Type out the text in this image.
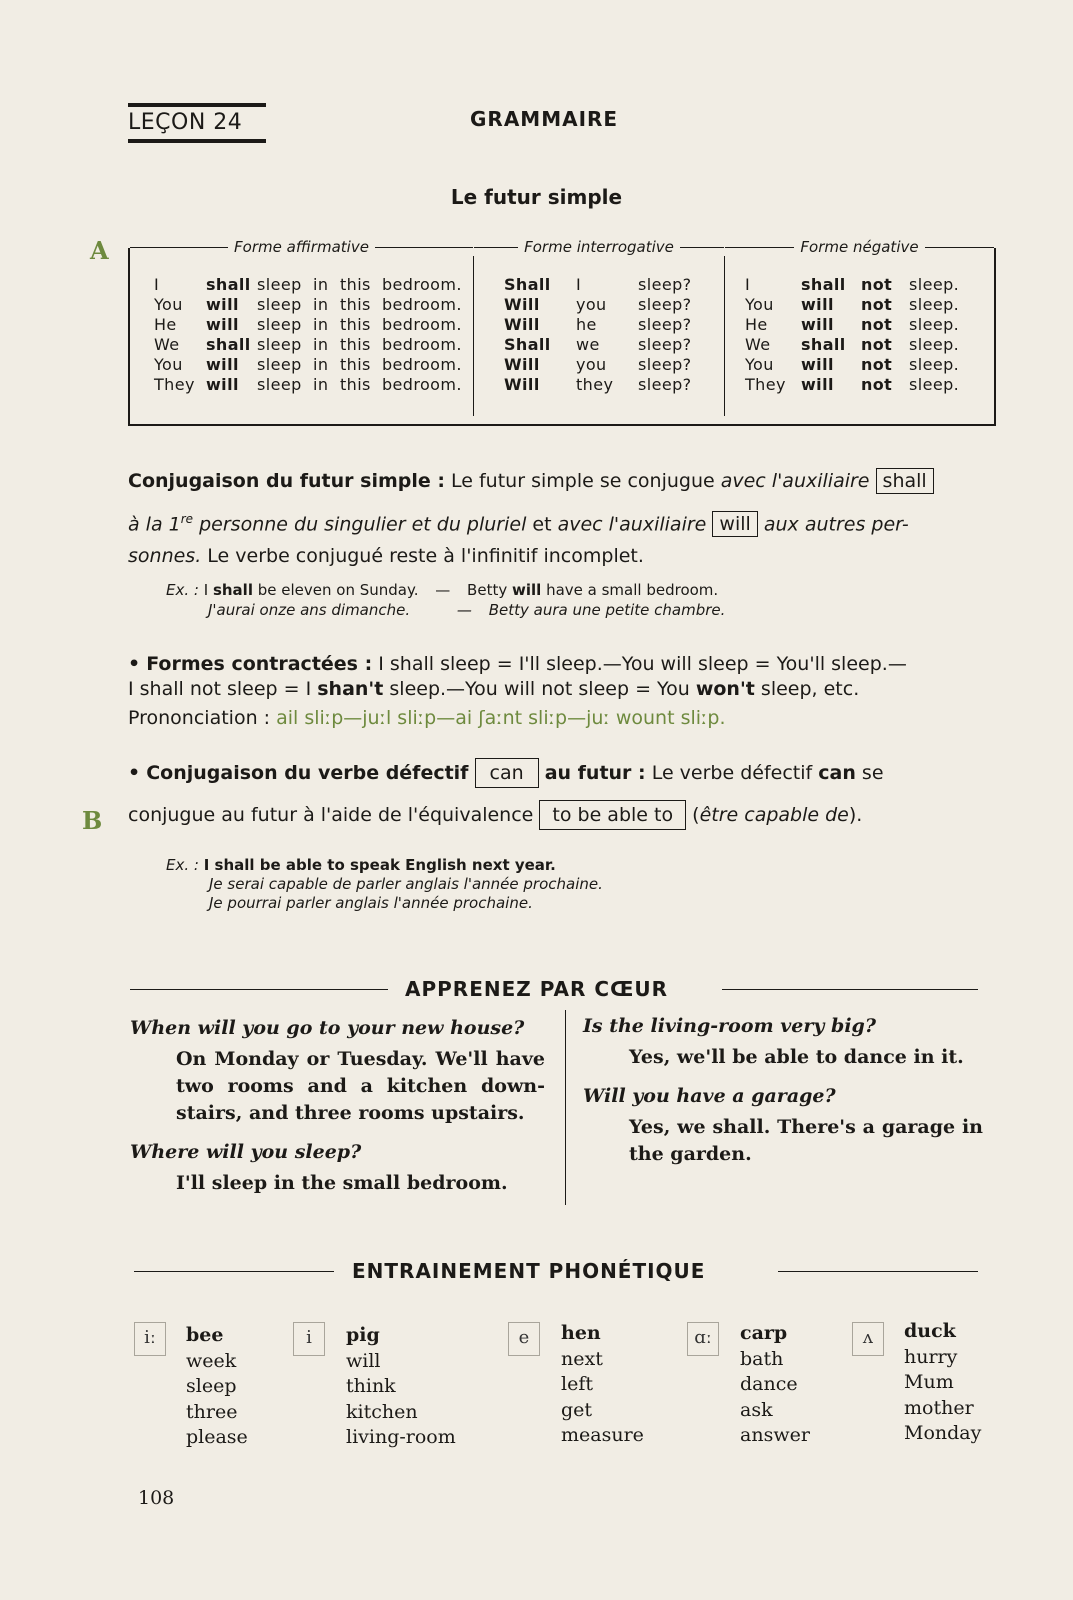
LEÇON 24	GRAMMAIRE
Le futur simple
A
B
Forme affirmative
I	shall sleep in this bedroom.
You will sleep in this bedroom.
He will sleep in this bedroom.
We shall sleep in this bedroom.
You will sleep in this bedroom.
They will sleep in this bedroom.
Forme interrogative
Shall I	sleep?
Will you sleep?
Will he	sleep?
Shall we sleep?
Will you sleep?
Will they sleep?
Forme négative
I	shall not sleep.
You will not sleep.
He will not sleep.
We shall not sleep.
You will not sleep.
They will not sleep.
Conjugaison du futur simple : Le futur simple se conjugue avec l'auxiliaire shall
à la 1re personne du singulier et du pluriel et avec l'auxiliaire will aux autres per-
sonnes. Le verbe conjugué reste à l'infinitif incomplet.
Ex. : I shall be eleven on Sunday. — Betty will have a small bedroom.
J'aurai onze ans dimanche.	— Betty aura une petite chambre.
• Formes contractées : I shall sleep = I'll sleep.—You will sleep = You'll sleep.—
I shall not sleep = I shan't sleep.—You will not sleep = You won't sleep, etc.
Prononciation : ail sliːp—juːl sliːp—ai ʃaːnt sliːp—juː wount sliːp.
• Conjugaison du verbe défectif can au futur : Le verbe défectif can se
conjugue au futur à l'aide de l'équivalence to be able to (être capable de).
Ex. : I shall be able to speak English next year.
Je serai capable de parler anglais l'année prochaine.
Je pourrai parler anglais l'année prochaine.
APPRENEZ PAR CŒUR
When will you go to your new house?
On Monday or Tuesday. We'll have two rooms and a kitchen down-stairs, and three rooms upstairs.
Where will you sleep?
I'll sleep in the small bedroom.
Is the living-room very big?
Yes, we'll be able to dance in it.
Will you have a garage?
Yes, we shall. There's a garage in the garden.
ENTRAINEMENT PHONÉTIQUE
iː	bee
week
sleep
three
please
i	pig
will
think
kitchen
living-room
e	hen
next
left
get
measure
ɑː	carp
bath
dance
ask
answer
ʌ	duck
hurry
Mum
mother
Monday
108
